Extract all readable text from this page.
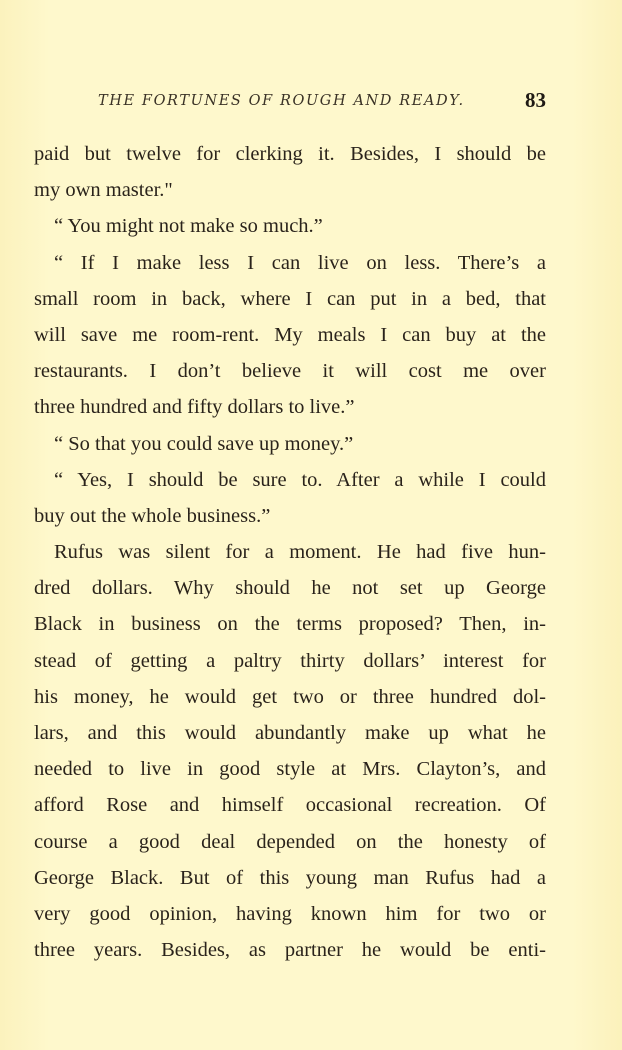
THE FORTUNES OF ROUGH AND READY.	83
paid but twelve for clerking it. Besides, I should be
my own master."
“ You might not make so much.”
“ If I make less I can live on less. There’s a
small room in back, where I can put in a bed, that
will save me room-rent. My meals I can buy at the
restaurants. I don’t believe it will cost me over
three hundred and fifty dollars to live.”
“ So that you could save up money.”
“ Yes, I should be sure to. After a while I could
buy out the whole business.”
Rufus was silent for a moment. He had five hun-
dred dollars. Why should he not set up George
Black in business on the terms proposed? Then, in-
stead of getting a paltry thirty dollars’ interest for
his money, he would get two or three hundred dol-
lars, and this would abundantly make up what he
needed to live in good style at Mrs. Clayton’s, and
afford Rose and himself occasional recreation. Of
course a good deal depended on the honesty of
George Black. But of this young man Rufus had a
very good opinion, having known him for two or
three years. Besides, as partner he would be enti-
